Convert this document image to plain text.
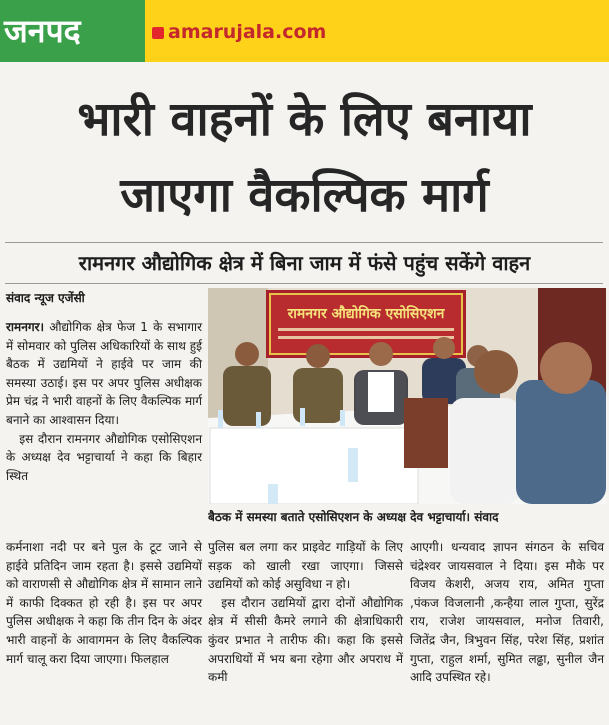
जनपद	amarujala.com
भारी वाहनों के लिए बनाया
जाएगा वैकल्पिक मार्ग
रामनगर औद्योगिक क्षेत्र में बिना जाम में फंसे पहुंच सकेंगे वाहन
संवाद न्यूज एजेंसी

रामनगर। औद्योगिक क्षेत्र फेज 1 के सभागार में सोमवार को पुलिस अधिकारियों के साथ हुई बैठक में उद्यमियों ने हाईवे पर जाम की समस्या उठाई। इस पर अपर पुलिस अधीक्षक प्रेम चंद्र ने भारी वाहनों के लिए वैकल्पिक मार्ग बनाने का आश्वासन दिया।

इस दौरान रामनगर औद्योगिक एसोसिएशन के अध्यक्ष देव भट्टाचार्या ने कहा कि बिहार स्थित

रामनगर औद्योगिक एसोसिएशन
बैठक में समस्या बताते एसोसिएशन के अध्यक्ष देव भट्टाचार्या। संवाद

कर्मनाशा नदी पर बने पुल के टूट जाने से हाईवे प्रतिदिन जाम रहता है। इससे उद्यमियों को वाराणसी से औद्योगिक क्षेत्र में सामान लाने में काफी दिक्कत हो रही है। इस पर अपर पुलिस अधीक्षक ने कहा कि तीन दिन के अंदर भारी वाहनों के आवागमन के लिए वैकल्पिक मार्ग चालू करा दिया जाएगा। फिलहाल

पुलिस बल लगा कर प्राइवेट गाड़ियों के लिए सड़क को खाली रखा जाएगा। जिससे उद्यमियों को कोई असुविधा न हो।

इस दौरान उद्यमियों द्वारा दोनों औद्योगिक क्षेत्र में सीसी कैमरे लगाने की क्षेत्राधिकारी कुंवर प्रभात ने तारीफ की। कहा कि इससे अपराधियों में भय बना रहेगा और अपराध में कमी

आएगी। धन्यवाद ज्ञापन संगठन के सचिव चंद्रेश्वर जायसवाल ने दिया। इस मौके पर विजय केशरी, अजय राय, अमित गुप्ता ,पंकज विजलानी ,कन्हैया लाल गुप्ता, सुरेंद्र राय, राजेश जायसवाल, मनोज तिवारी, जितेंद्र जैन, त्रिभुवन सिंह, परेश सिंह, प्रशांत गुप्ता, राहुल शर्मा, सुमित लढ्ढा, सुनील जैन आदि उपस्थित रहे।
